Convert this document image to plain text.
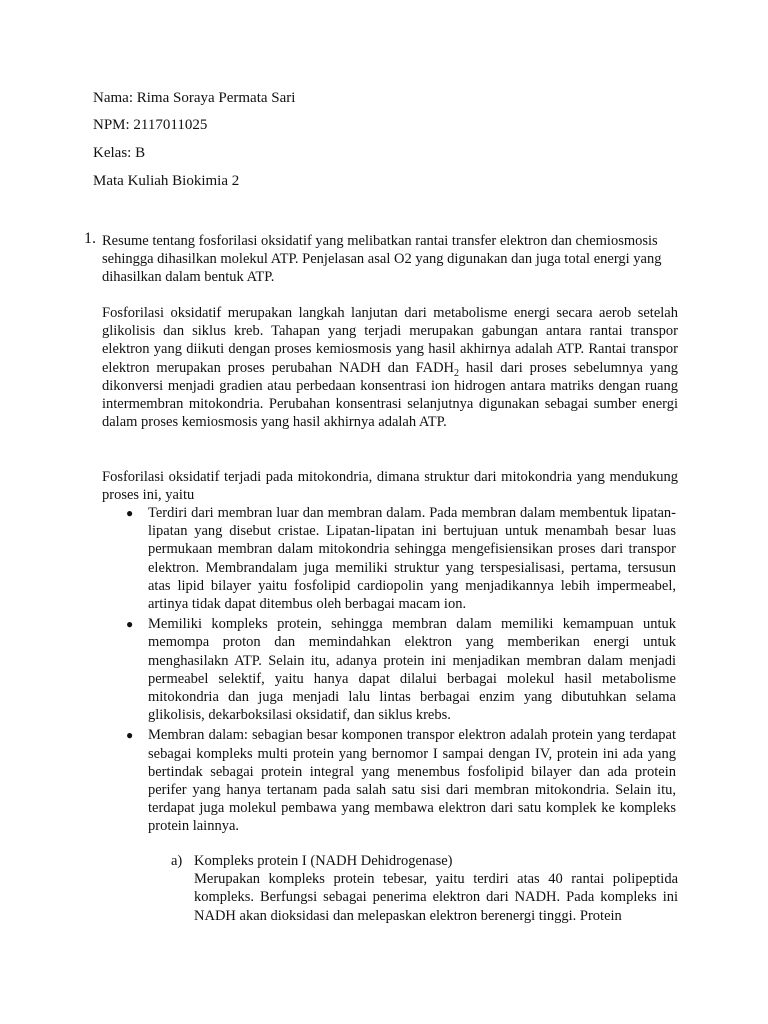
Nama: Rima Soraya Permata Sari
NPM: 2117011025
Kelas: B
Mata Kuliah Biokimia 2
1. Resume tentang fosforilasi oksidatif yang melibatkan rantai transfer elektron dan chemiosmosis sehingga dihasilkan molekul ATP. Penjelasan asal O2 yang digunakan dan juga total energi yang dihasilkan dalam bentuk ATP.
Fosforilasi oksidatif merupakan langkah lanjutan dari metabolisme energi secara aerob setelah glikolisis dan siklus kreb. Tahapan yang terjadi merupakan gabungan antara rantai transpor elektron yang diikuti dengan proses kemiosmosis yang hasil akhirnya adalah ATP. Rantai transpor elektron merupakan proses perubahan NADH dan $FADH_2$ hasil dari proses sebelumnya yang dikonversi menjadi gradien atau perbedaan konsentrasi ion hidrogen antara matriks dengan ruang intermembran mitokondria. Perubahan konsentrasi selanjutnya digunakan sebagai sumber energi dalam proses kemiosmosis yang hasil akhirnya adalah ATP.
Fosforilasi oksidatif terjadi pada mitokondria, dimana struktur dari mitokondria yang mendukung proses ini, yaitu
● Terdiri dari membran luar dan membran dalam. Pada membran dalam membentuk lipatan-lipatan yang disebut cristae. Lipatan-lipatan ini bertujuan untuk menambah besar luas permukaan membran dalam mitokondria sehingga mengefisiensikan proses dari transpor elektron. Membrandalam juga memiliki struktur yang terspesialisasi, pertama, tersusun atas lipid bilayer yaitu fosfolipid cardiopolin yang menjadikannya lebih impermeabel, artinya tidak dapat ditembus oleh berbagai macam ion.
● Memiliki kompleks protein, sehingga membran dalam memiliki kemampuan untuk memompa proton dan memindahkan elektron yang memberikan energi untuk menghasilakn ATP. Selain itu, adanya protein ini menjadikan membran dalam menjadi permeabel selektif, yaitu hanya dapat dilalui berbagai molekul hasil metabolisme mitokondria dan juga menjadi lalu lintas berbagai enzim yang dibutuhkan selama glikolisis, dekarboksilasi oksidatif, dan siklus krebs.
● Membran dalam: sebagian besar komponen transpor elektron adalah protein yang terdapat sebagai kompleks multi protein yang bernomor I sampai dengan IV, protein ini ada yang bertindak sebagai protein integral yang menembus fosfolipid bilayer dan ada protein perifer yang hanya tertanam pada salah satu sisi dari membran mitokondria. Selain itu, terdapat juga molekul pembawa yang membawa elektron dari satu komplek ke kompleks protein lainnya.
a) Kompleks protein I (NADH Dehidrogenase)
Merupakan kompleks protein tebesar, yaitu terdiri atas 40 rantai polipeptida kompleks. Berfungsi sebagai penerima elektron dari NADH. Pada kompleks ini NADH akan dioksidasi dan melepaskan elektron berenergi tinggi. Protein
